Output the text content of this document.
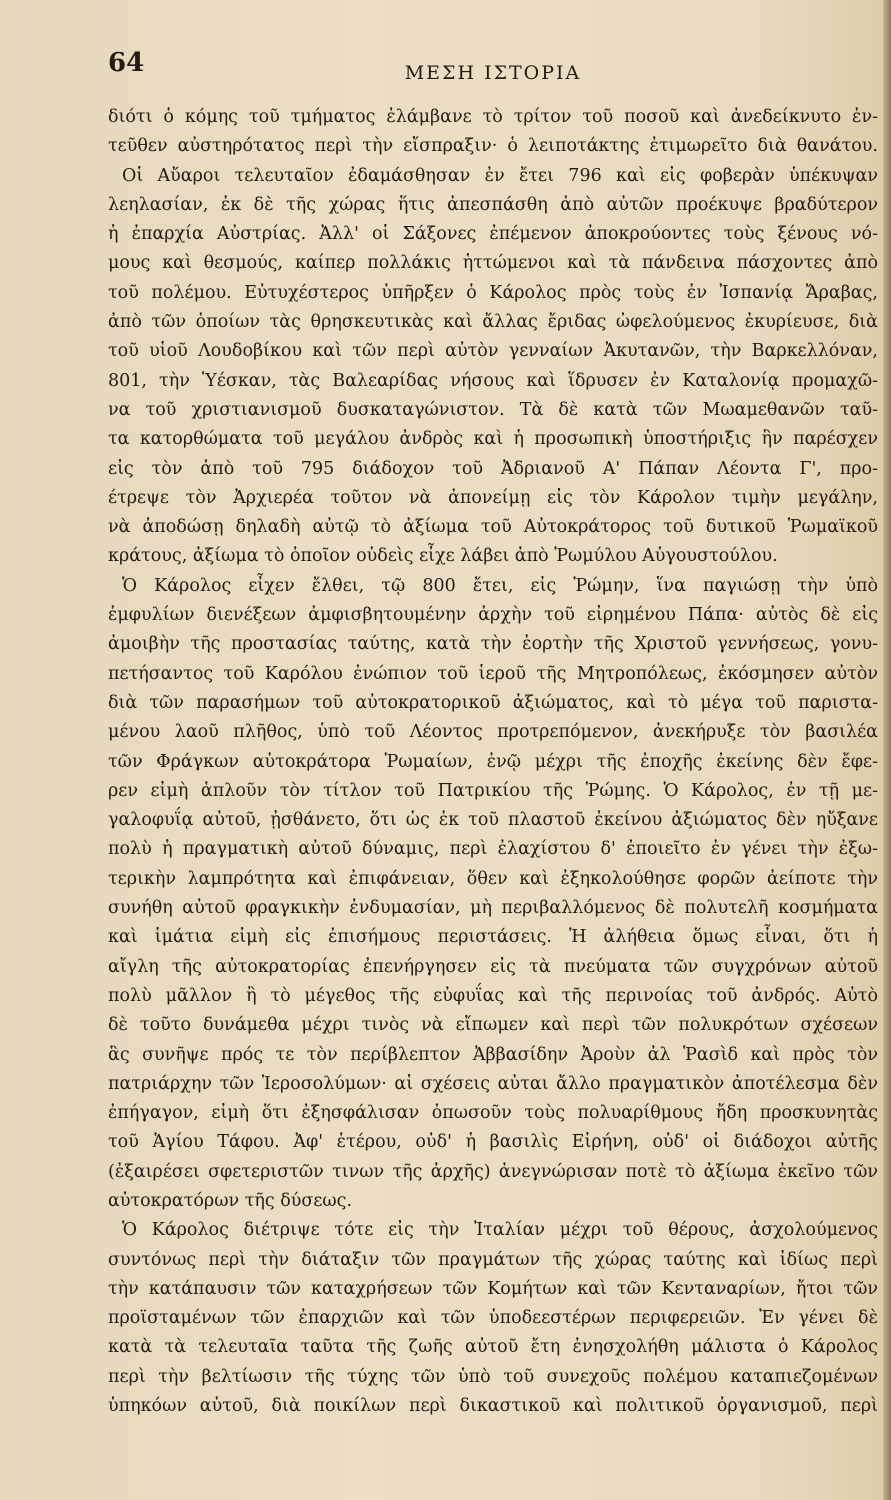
64	ΜΕΣΗ ΙΣΤΟΡΙΑ
διότι ὁ κόμης τοῦ τμήματος ἐλάμβανε τὸ τρίτον τοῦ ποσοῦ καὶ ἀνεδείκνυτο ἐν-
τεῦθεν αὐστηρότατος περὶ τὴν εἴσπραξιν· ὁ λειποτάκτης ἐτιμωρεῖτο διὰ θανάτου.
Οἱ Αὔαροι τελευταῖον ἐδαμάσθησαν ἐν ἔτει 796 καὶ εἰς φοβερὰν ὑπέκυψαν
λεηλασίαν, ἐκ δὲ τῆς χώρας ἥτις ἀπεσπάσθη ἀπὸ αὐτῶν προέκυψε βραδύτερον
ἡ ἐπαρχία Αὐστρίας. Ἀλλ' οἱ Σάξονες ἐπέμενον ἀποκρούοντες τοὺς ξένους νό-
μους καὶ θεσμούς, καίπερ πολλάκις ἡττώμενοι καὶ τὰ πάνδεινα πάσχοντες ἀπὸ
τοῦ πολέμου. Εὐτυχέστερος ὑπῆρξεν ὁ Κάρολος πρὸς τοὺς ἐν Ἰσπανίᾳ Ἄραβας,
ἀπὸ τῶν ὁποίων τὰς θρησκευτικὰς καὶ ἄλλας ἔριδας ὠφελούμενος ἐκυρίευσε, διὰ
τοῦ υἱοῦ Λουδοβίκου καὶ τῶν περὶ αὐτὸν γενναίων Ἀκυτανῶν, τὴν Βαρκελλόναν,
801, τὴν Ὑέσκαν, τὰς Βαλεαρίδας νήσους καὶ ἵδρυσεν ἐν Καταλονίᾳ προμαχῶ-
να τοῦ χριστιανισμοῦ δυσκαταγώνιστον. Τὰ δὲ κατὰ τῶν Μωαμεθανῶν ταῦ-
τα κατορθώματα τοῦ μεγάλου ἀνδρὸς καὶ ἡ προσωπικὴ ὑποστήριξις ἣν παρέσχεν
εἰς τὸν ἀπὸ τοῦ 795 διάδοχον τοῦ Ἀδριανοῦ Α' Πάπαν Λέοντα Γ', προ-
έτρεψε τὸν Ἀρχιερέα τοῦτον νὰ ἀπονείμῃ εἰς τὸν Κάρολον τιμὴν μεγάλην,
νὰ ἀποδώσῃ δηλαδὴ αὐτῷ τὸ ἀξίωμα τοῦ Αὐτοκράτορος τοῦ δυτικοῦ Ῥωμαϊκοῦ
κράτους, ἀξίωμα τὸ ὁποῖον οὐδεὶς εἶχε λάβει ἀπὸ Ῥωμύλου Αὐγουστούλου.
Ὁ Κάρολος εἶχεν ἔλθει, τῷ 800 ἔτει, εἰς Ῥώμην, ἵνα παγιώσῃ τὴν ὑπὸ
ἐμφυλίων διενέξεων ἀμφισβητουμένην ἀρχὴν τοῦ εἰρημένου Πάπα· αὐτὸς δὲ εἰς
ἀμοιβὴν τῆς προστασίας ταύτης, κατὰ τὴν ἑορτὴν τῆς Χριστοῦ γεννήσεως, γονυ-
πετήσαντος τοῦ Καρόλου ἐνώπιον τοῦ ἱεροῦ τῆς Μητροπόλεως, ἐκόσμησεν αὐτὸν
διὰ τῶν παρασήμων τοῦ αὐτοκρατορικοῦ ἀξιώματος, καὶ τὸ μέγα τοῦ παριστα-
μένου λαοῦ πλῆθος, ὑπὸ τοῦ Λέοντος προτρεπόμενον, ἀνεκήρυξε τὸν βασιλέα
τῶν Φράγκων αὐτοκράτορα Ῥωμαίων, ἐνῷ μέχρι τῆς ἐποχῆς ἐκείνης δὲν ἔφε-
ρεν εἰμὴ ἁπλοῦν τὸν τίτλον τοῦ Πατρικίου τῆς Ῥώμης. Ὁ Κάρολος, ἐν τῇ με-
γαλοφυΐᾳ αὐτοῦ, ᾐσθάνετο, ὅτι ὡς ἐκ τοῦ πλαστοῦ ἐκείνου ἀξιώματος δὲν ηὔξανε
πολὺ ἡ πραγματικὴ αὐτοῦ δύναμις, περὶ ἐλαχίστου δ' ἐποιεῖτο ἐν γένει τὴν ἐξω-
τερικὴν λαμπρότητα καὶ ἐπιφάνειαν, ὅθεν καὶ ἐξηκολούθησε φορῶν ἀείποτε τὴν
συνήθη αὐτοῦ φραγκικὴν ἐνδυμασίαν, μὴ περιβαλλόμενος δὲ πολυτελῆ κοσμήματα
καὶ ἱμάτια εἰμὴ εἰς ἐπισήμους περιστάσεις. Ἡ ἀλήθεια ὅμως εἶναι, ὅτι ἡ
αἴγλη τῆς αὐτοκρατορίας ἐπενήργησεν εἰς τὰ πνεύματα τῶν συγχρόνων αὐτοῦ
πολὺ μᾶλλον ἢ τὸ μέγεθος τῆς εὐφυΐας καὶ τῆς περινοίας τοῦ ἀνδρός. Αὐτὸ
δὲ τοῦτο δυνάμεθα μέχρι τινὸς νὰ εἴπωμεν καὶ περὶ τῶν πολυκρότων σχέσεων
ἃς συνῆψε πρός τε τὸν περίβλεπτον Ἀββασίδην Ἀροὺν ἀλ Ῥασὶδ καὶ πρὸς τὸν
πατριάρχην τῶν Ἱεροσολύμων· αἱ σχέσεις αὐται ἄλλο πραγματικὸν ἀποτέλεσμα δὲν
ἐπήγαγον, εἰμὴ ὅτι ἐξησφάλισαν ὁπωσοῦν τοὺς πολυαρίθμους ἤδη προσκυνητὰς
τοῦ Ἁγίου Τάφου. Ἀφ' ἑτέρου, οὐδ' ἡ βασιλὶς Εἰρήνη, οὐδ' οἱ διάδοχοι αὐτῆς
(ἐξαιρέσει σφετεριστῶν τινων τῆς ἀρχῆς) ἀνεγνώρισαν ποτὲ τὸ ἀξίωμα ἐκεῖνο τῶν
αὐτοκρατόρων τῆς δύσεως.
Ὁ Κάρολος διέτριψε τότε εἰς τὴν Ἰταλίαν μέχρι τοῦ θέρους, ἀσχολούμενος
συντόνως περὶ τὴν διάταξιν τῶν πραγμάτων τῆς χώρας ταύτης καὶ ἰδίως περὶ
τὴν κατάπαυσιν τῶν καταχρήσεων τῶν Κομήτων καὶ τῶν Κενταναρίων, ἤτοι τῶν
προϊσταμένων τῶν ἐπαρχιῶν καὶ τῶν ὑποδεεστέρων περιφερειῶν. Ἐν γένει δὲ
κατὰ τὰ τελευταῖα ταῦτα τῆς ζωῆς αὐτοῦ ἔτη ἐνησχολήθη μάλιστα ὁ Κάρολος
περὶ τὴν βελτίωσιν τῆς τύχης τῶν ὑπὸ τοῦ συνεχοῦς πολέμου καταπιεζομένων
ὑπηκόων αὐτοῦ, διὰ ποικίλων περὶ δικαστικοῦ καὶ πολιτικοῦ ὀργανισμοῦ, περὶ
